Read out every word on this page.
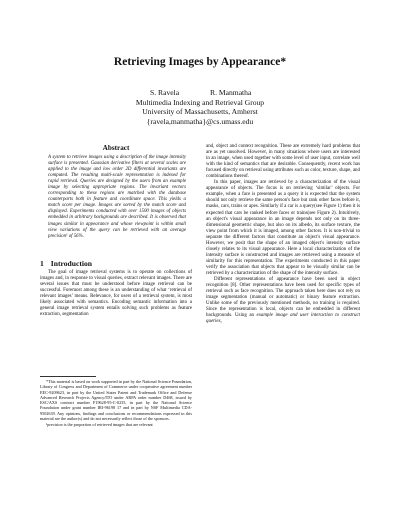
Retrieving Images by Appearance*
S. Ravela	R. Manmatha
Multimedia Indexing and Retrieval Group
University of Massachusetts, Amherst
{ravela,manmatha}@cs.umass.edu
Abstract
A system to retrieve images using a description of the image intensity surface is presented. Gaussian derivative filters at several scales are applied to the image and low order 2D differential invariants are computed. The resulting multi-scale representation is indexed for rapid retrieval. Queries are designed by the users from an example image by selecting appropriate regions. The invariant vectors corresponding to these regions are matched with the database counterparts both in feature and coordinate space. This yields a match score per image. Images are sorted by the match score and displayed. Experiments conducted with over 1500 images of objects embedded in arbitrary backgrounds are described. It is observed that images similar in appearance and whose viewpoint is within small view variations of the query can be retrieved with an average precision¹ of 56%.
1 Introduction
The goal of image retrieval systems is to operate on collections of images and, in response to visual queries, extract relevant images. There are several issues that must be understood before image retrieval can be successful. Foremost among these is an understanding of what ‘retrieval of relevant images’ means. Relevance, for users of a retrieval system, is most likely associated with semantics. Encoding semantic information into a general image retrieval system entails solving such problems as feature extraction, segmentation

*This material is based on work supported in part by the National Science Foundation, Library of Congress and Department of Commerce under cooperative agreement number EEC-9209623, in part by the United States Patent and Trademark Office and Defense Advanced Research Projects Agency/ITO under ARPA order number D468, issued by ESC/AXS contract number F19628-95-C-0235, in part by the National Science Foundation under grant number IRI-96198 17 and in part by NSF Multimedia CDA-9502639. Any opinions, findings and conclusions or recommendations expressed in this material are the author(s) and do not necessarily reflect those of the sponsors.

¹precision is the proportion of retrieved images that are relevant

and, object and context recognition. These are extremely hard problems that are as yet unsolved. However, in many situations where users are interested in an image, when used together with some level of user input, correlate well with the kind of semantics that are desirable. Consequently, recent work has focused directly on retrieval using attributes such as color, texture, shape, and combinations thereof.

In this paper, images are retrieved by a characterization of the visual appearance of objects. The focus is on retrieving ‘similar’ objects. For example, when a face is presented as a query it is expected that the system should not only retrieve the same person's face but rank other faces before it, masks, cars, trains or apes. Similarly if a car is a query(see Figure 1) then it is expected that cars be ranked before faces or trains(see Figure 2). Intuitively, an object's visual appearance in an image depends not only on its three-dimensional geometric shape, but also on its albedo, its surface texture, the view point from which it is imaged, among other factors. It is non-trivial to separate the different factors that constitute an object's visual appearance. However, we posit that the shape of an imaged object's intensity surface closely relates to its visual appearance. Here a local characterization of the intensity surface is constructed and images are retrieved using a measure of similarity for this representation. The experiments conducted in this paper verify the association that objects that appear to be visually similar can be retrieved by a characterization of the shape of the intensity surface.

Different representations of appearance have been used in object recognition [8]. Other representations have been used for specific types of retrieval such as face recognition. The approach taken here does not rely on image segmentation (manual or automatic) or binary feature extraction. Unlike some of the previously mentioned methods, no training is required. Since the representation is local, objects can be embedded in different backgrounds. Using an example image and user interaction to construct queries,
